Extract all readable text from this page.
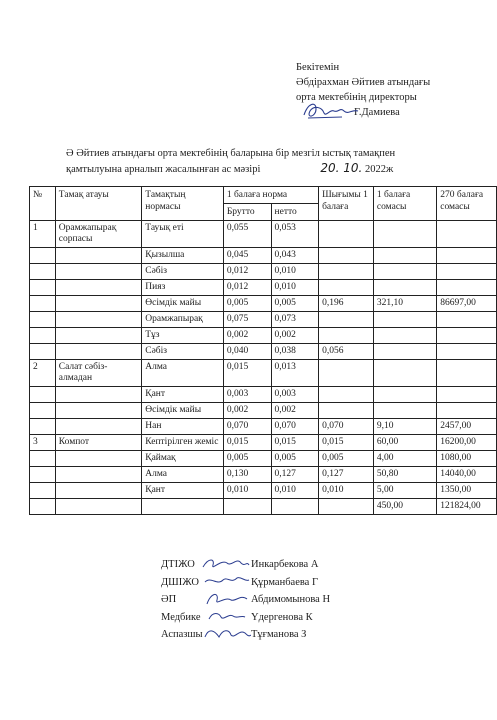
Бекітемін
Әбдірахман Әйтиев атындағы
орта мектебінің директоры
Г.Дамиева
Ә Әйтиев атындағы орта мектебінің баларына бір мезгіл ыстық тамақпен
қамтылуына арналып жасалынған ас мәзірі	20. 10. 2022ж
№	Тамақ атауы	Тамақтың нормасы	1 балаға норма		Шығымы 1 балаға	1 балаға сомасы	270 балаға сомасы
			Брутто	нетто			
1	Орамжапырақ сорпасы	Тауық еті	0,055	0,053			
		Қызылша	0,045	0,043			
		Сәбіз	0,012	0,010			
		Пияз	0,012	0,010			
		Өсімдік майы	0,005	0,005	0,196	321,10	86697,00
		Орамжапырақ	0,075	0,073			
		Тұз	0,002	0,002			
		Сәбіз	0,040	0,038	0,056		
2	Салат сәбіз-алмадан	Алма	0,015	0,013			
		Қант	0,003	0,003			
		Өсімдік майы	0,002	0,002			
		Нан	0,070	0,070	0,070	9,10	2457,00
3	Компот	Кептірілген жеміс	0,015	0,015	0,015	60,00	16200,00
		Қаймақ	0,005	0,005	0,005	4,00	1080,00
		Алма	0,130	0,127	0,127	50,80	14040,00
		Қант	0,010	0,010	0,010	5,00	1350,00
						450,00	121824,00
ДТІЖО	Инкарбекова А
ДШІЖО	Құрманбаева Г
ӘП	Абдимомынова Н
Медбике	Үдергенова К
Аспазшы	Тұғманова З
